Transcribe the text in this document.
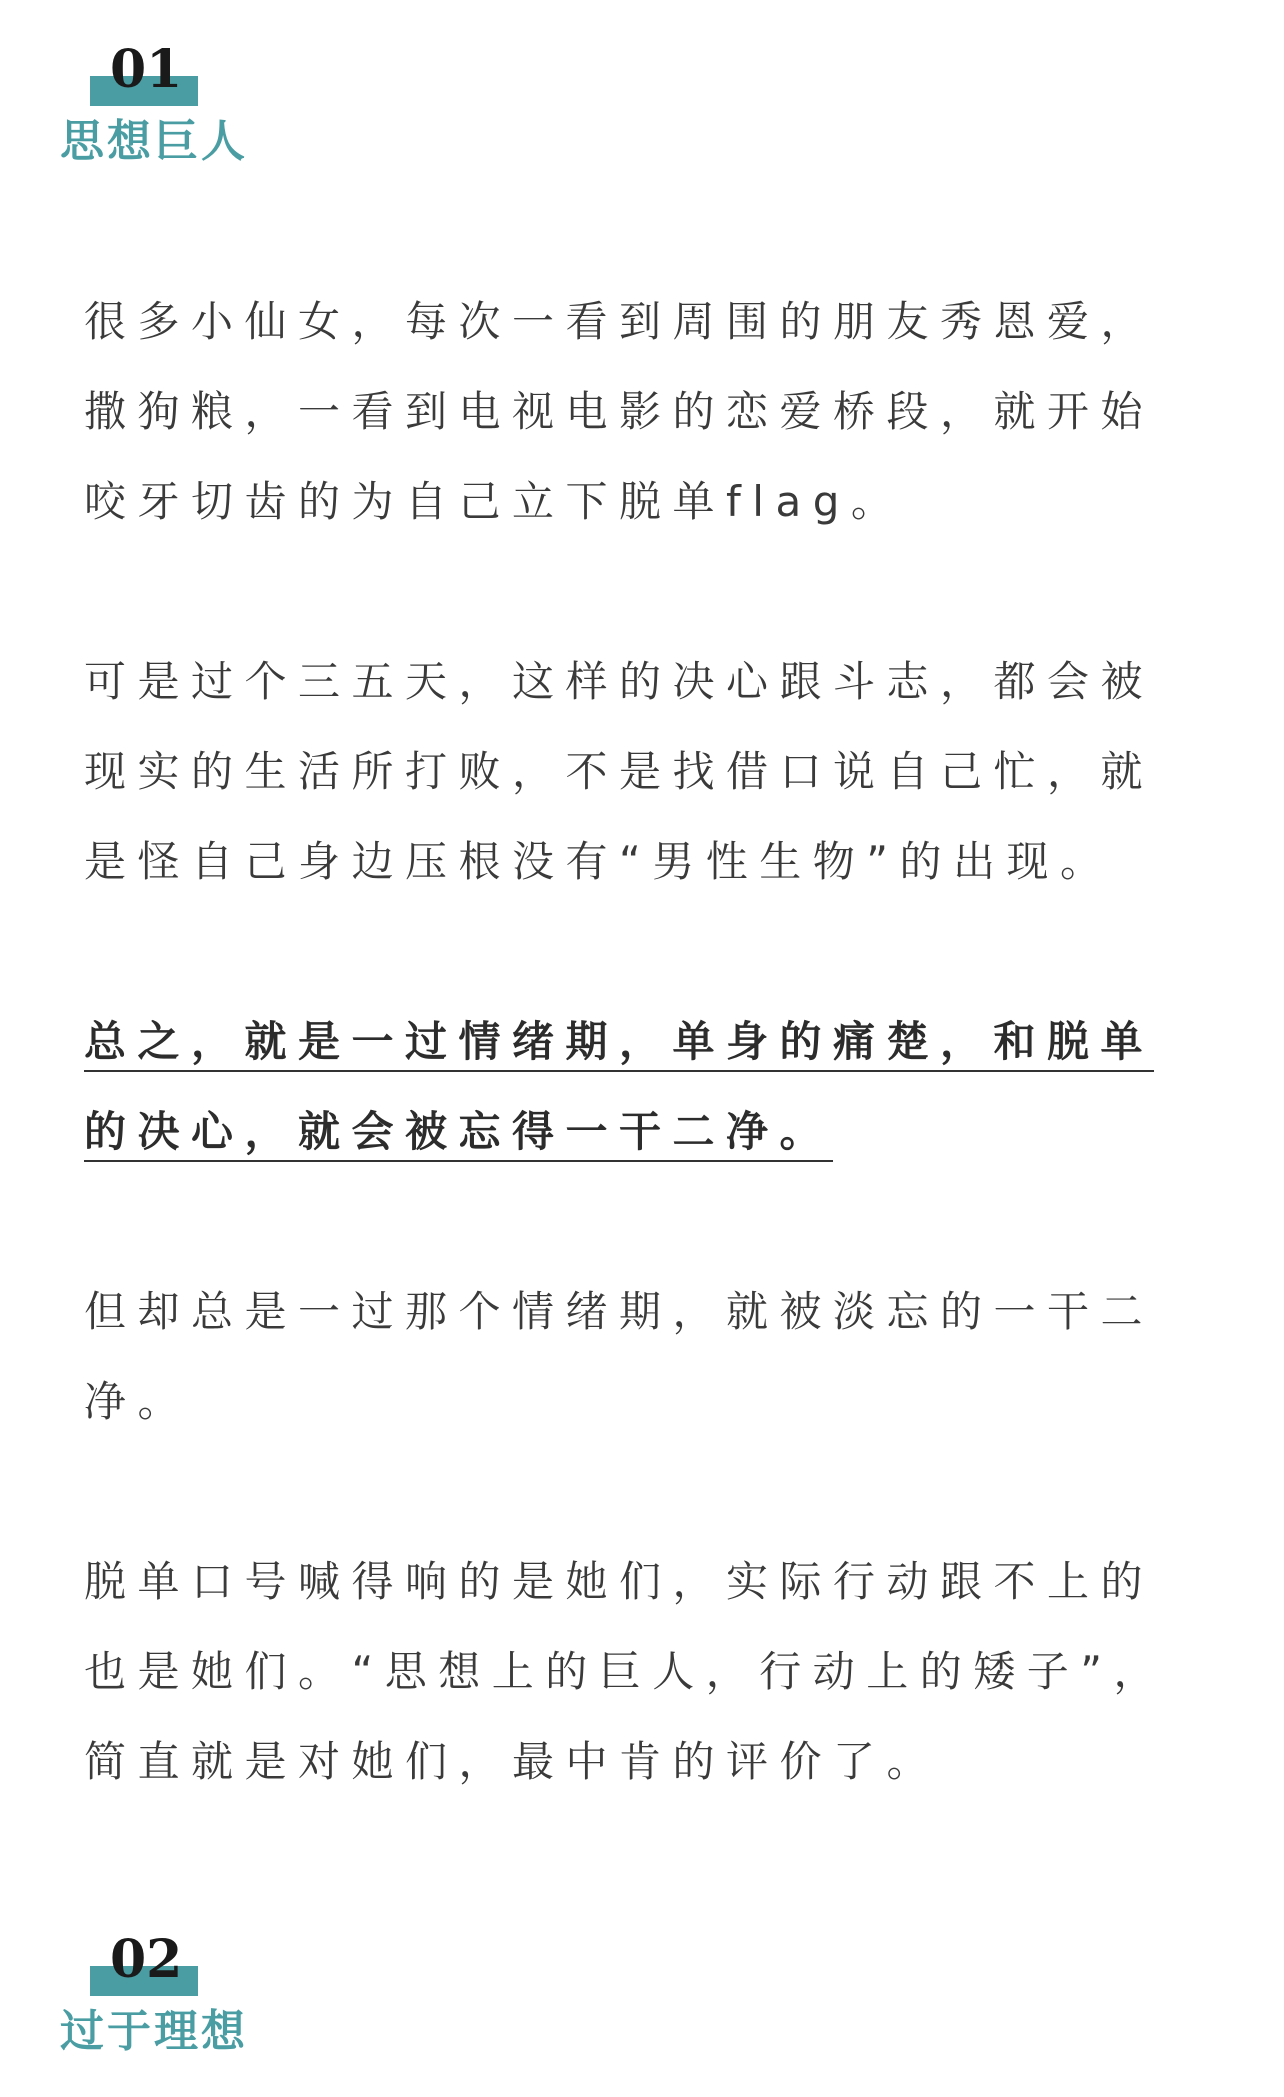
01
思想巨人

很多小仙女，每次一看到周围的朋友秀恩爱，撒狗粮，一看到电视电影的恋爱桥段，就开始咬牙切齿的为自己立下脱单flag。

可是过个三五天，这样的决心跟斗志，都会被现实的生活所打败，不是找借口说自己忙，就是怪自己身边压根没有“男性生物”的出现。

总之，就是一过情绪期，单身的痛楚，和脱单的决心，就会被忘得一干二净。

但却总是一过那个情绪期，就被淡忘的一干二净。

脱单口号喊得响的是她们，实际行动跟不上的也是她们。“思想上的巨人，行动上的矮子”，简直就是对她们，最中肯的评价了。

02
过于理想
